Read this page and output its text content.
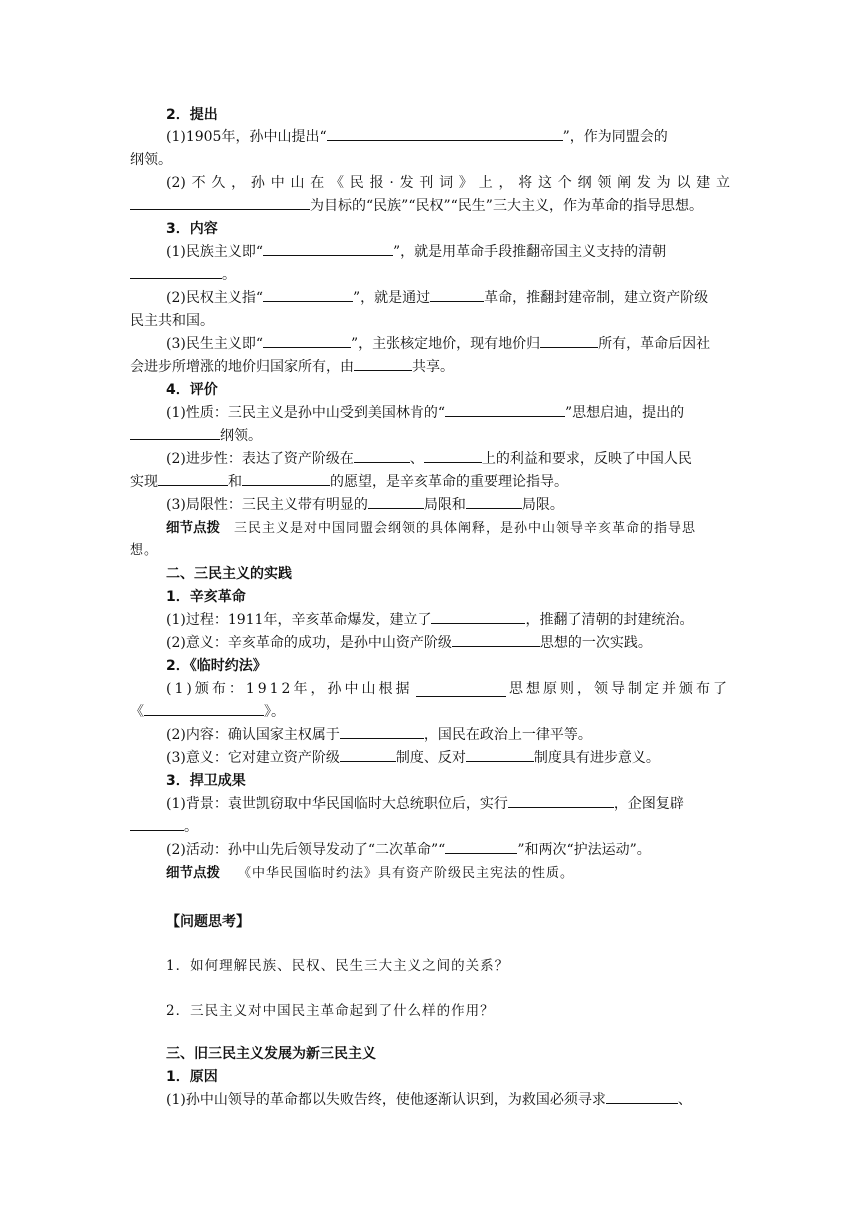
2．提出
(1)1905年，孙中山提出“	”，作为同盟会的
纲领。
(2)不久，孙中山在《民报·发刊词》上，将这个纲领阐发为以建立
为目标的“民族”“民权”“民生”三大主义，作为革命的指导思想。
3．内容
(1)民族主义即“	”，就是用革命手段推翻帝国主义支持的清朝
。
(2)民权主义指“	”，就是通过	革命，推翻封建帝制，建立资产阶级
民主共和国。
(3)民生主义即“	”，主张核定地价，现有地价归	所有，革命后因社
会进步所增涨的地价归国家所有，由	共享。
4．评价
(1)性质：三民主义是孙中山受到美国林肯的“	”思想启迪，提出的
纲领。
(2)进步性：表达了资产阶级在	、	上的利益和要求，反映了中国人民
实现	和	的愿望，是辛亥革命的重要理论指导。
(3)局限性：三民主义带有明显的	局限和	局限。
细节点拨 三民主义是对中国同盟会纲领的具体阐释，是孙中山领导辛亥革命的指导思
想。
二、三民主义的实践
1．辛亥革命
(1)过程：1911年，辛亥革命爆发，建立了	，推翻了清朝的封建统治。
(2)意义：辛亥革命的成功，是孙中山资产阶级	思想的一次实践。
2．《临时约法》
(1)颁布：1912年，孙中山根据	思想原则，领导制定并颁布了
《	》。
(2)内容：确认国家主权属于	，国民在政治上一律平等。
(3)意义：它对建立资产阶级	制度、反对	制度具有进步意义。
3．捍卫成果
(1)背景：袁世凯窃取中华民国临时大总统职位后，实行	，企图复辟
。
(2)活动：孙中山先后领导发动了“二次革命”“	”和两次“护法运动”。
细节点拨 《中华民国临时约法》具有资产阶级民主宪法的性质。
【问题思考】
1．如何理解民族、民权、民生三大主义之间的关系？
2．三民主义对中国民主革命起到了什么样的作用？
三、旧三民主义发展为新三民主义
1．原因
(1)孙中山领导的革命都以失败告终，使他逐渐认识到，为救国必须寻求	、
